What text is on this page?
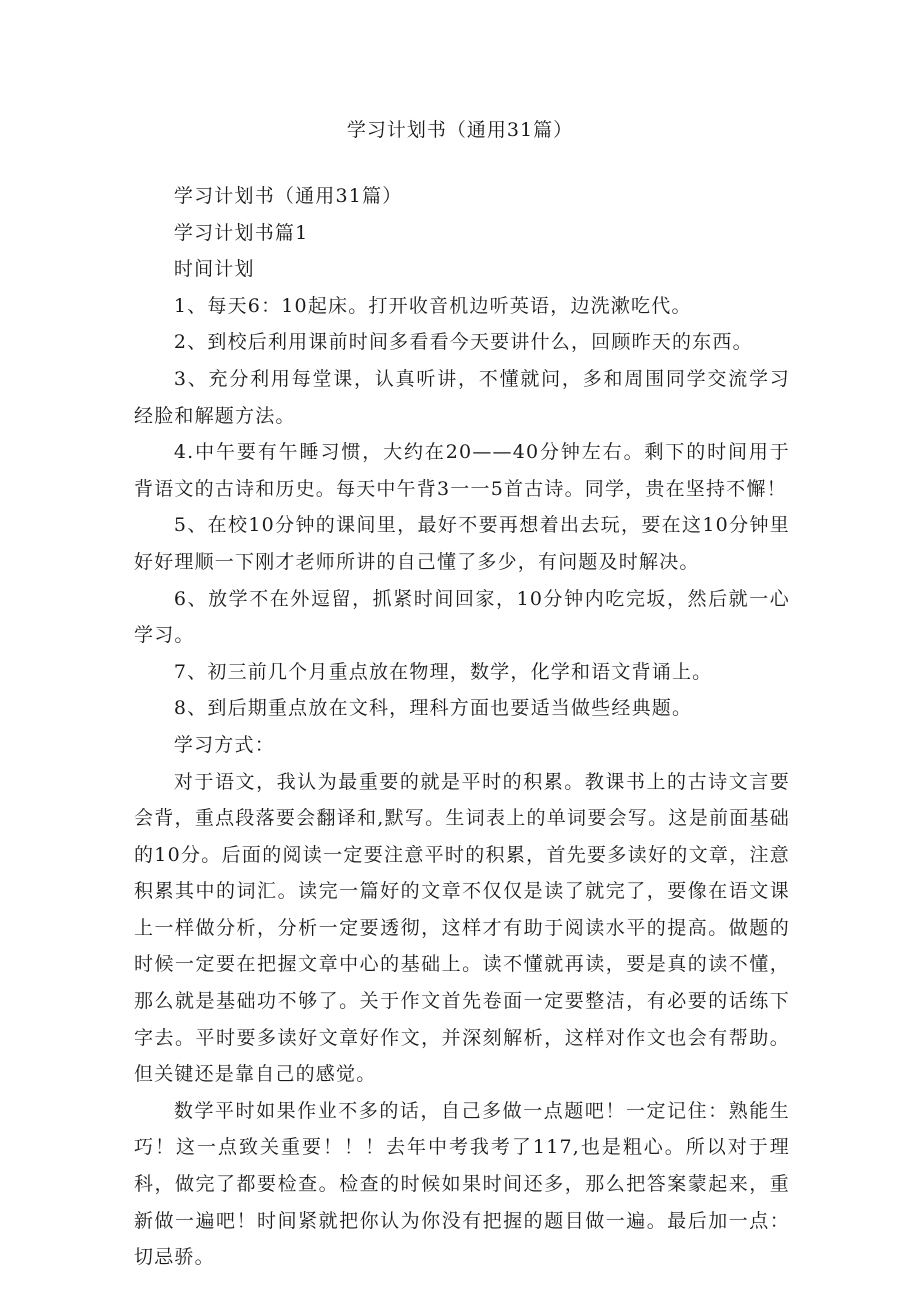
学习计划书（通用31篇）

学习计划书（通用31篇）

学习计划书篇1

时间计划

1、每天6：10起床。打开收音机边听英语，边洗漱吃代。

2、到校后利用课前时间多看看今天要讲什么，回顾昨天的东西。

3、充分利用每堂课，认真听讲，不懂就问，多和周围同学交流学习经脸和解题方法。

4.中午要有午睡习惯，大约在20——40分钟左右。剩下的时间用于背语文的古诗和历史。每天中午背3一一5首古诗。同学，贵在坚持不懈！

5、在校10分钟的课间里，最好不要再想着出去玩，要在这10分钟里好好理顺一下刚才老师所讲的自己懂了多少，有问题及时解决。

6、放学不在外逗留，抓紧时间回家，10分钟内吃完坂，然后就一心学习。

7、初三前几个月重点放在物理，数学，化学和语文背诵上。

8、到后期重点放在文科，理科方面也要适当做些经典题。

学习方式：

对于语文，我认为最重要的就是平时的积累。教课书上的古诗文言要会背，重点段落要会翻译和,默写。生词表上的单词要会写。这是前面基础的10分。后面的阅读一定要注意平时的积累，首先要多读好的文章，注意积累其中的词汇。读完一篇好的文章不仅仅是读了就完了，要像在语文课上一样做分析，分析一定要透彻，这样才有助于阅读水平的提高。做题的时候一定要在把握文章中心的基础上。读不懂就再读，要是真的读不懂，那么就是基础功不够了。关于作文首先卷面一定要整洁，有必要的话练下字去。平时要多读好文章好作文，并深刻解析，这样对作文也会有帮助。但关键还是靠自己的感觉。

数学平时如果作业不多的话，自己多做一点题吧！一定记住：熟能生巧！这一点致关重要！！！去年中考我考了117,也是粗心。所以对于理科，做完了都要检查。检查的时候如果时间还多，那么把答案蒙起来，重新做一遍吧！时间紧就把你认为你没有把握的题目做一遍。最后加一点：切忌骄。
